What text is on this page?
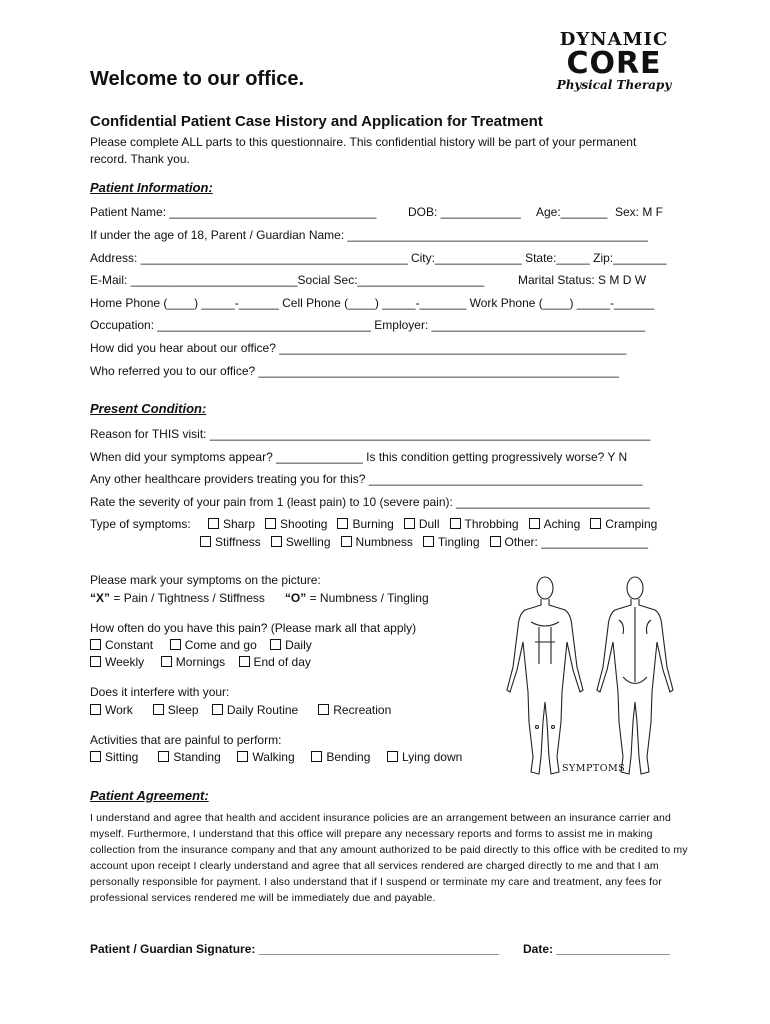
DYNAMIC
CORE
Physical Therapy
Welcome to our office.
Confidential Patient Case History and Application for Treatment
Please complete ALL parts to this questionnaire. This confidential history will be part of your permanent
record. Thank you.
Patient Information:
Patient Name: _______________________________	DOB: ____________ Age:_______ Sex: M F
If under the age of 18, Parent / Guardian Name: _____________________________________________
Address: ________________________________________ City:_____________ State:_____ Zip:________
E-Mail: _________________________Social Sec:___________________	Marital Status: S M D W
Home Phone (____) _____-______ Cell Phone (____) _____-_______ Work Phone (____) _____-______
Occupation: ________________________________ Employer: ________________________________
How did you hear about our office? ____________________________________________________
Who referred you to our office? ______________________________________________________
Present Condition:
Reason for THIS visit: __________________________________________________________________
When did your symptoms appear? _____________ Is this condition getting progressively worse? Y N
Any other healthcare providers treating you for this? _________________________________________
Rate the severity of your pain from 1 (least pain) to 10 (severe pain): _____________________________
Type of symptoms:	Sharp Shooting Burning Dull Throbbing Aching Cramping
Stiffness Swelling Numbness Tingling Other: ________________
Please mark your symptoms on the picture:
“X” = Pain / Tightness / Stiffness “O” = Numbness / Tingling
How often do you have this pain? (Please mark all that apply)
Constant	Come and go Daily
Weekly	Mornings End of day
Does it interfere with your:
Work	Sleep Daily Routine	Recreation
Activities that are painful to perform:
Sitting	Standing	Walking	Bending	Lying down
SYMPTOMS
Patient Agreement:
I understand and agree that health and accident insurance policies are an arrangement between an insurance carrier and myself. Furthermore, I understand that this office will prepare any necessary reports and forms to assist me in making collection from the insurance company and that any amount authorized to be paid directly to this office with be credited to my account upon receipt I clearly understand and agree that all services rendered are charged directly to me and that I am personally responsible for payment. I also understand that if I suspend or terminate my care and treatment, any fees for professional services rendered me will be immediately due and payable.
Patient / Guardian Signature: ____________________________________ Date: _________________
